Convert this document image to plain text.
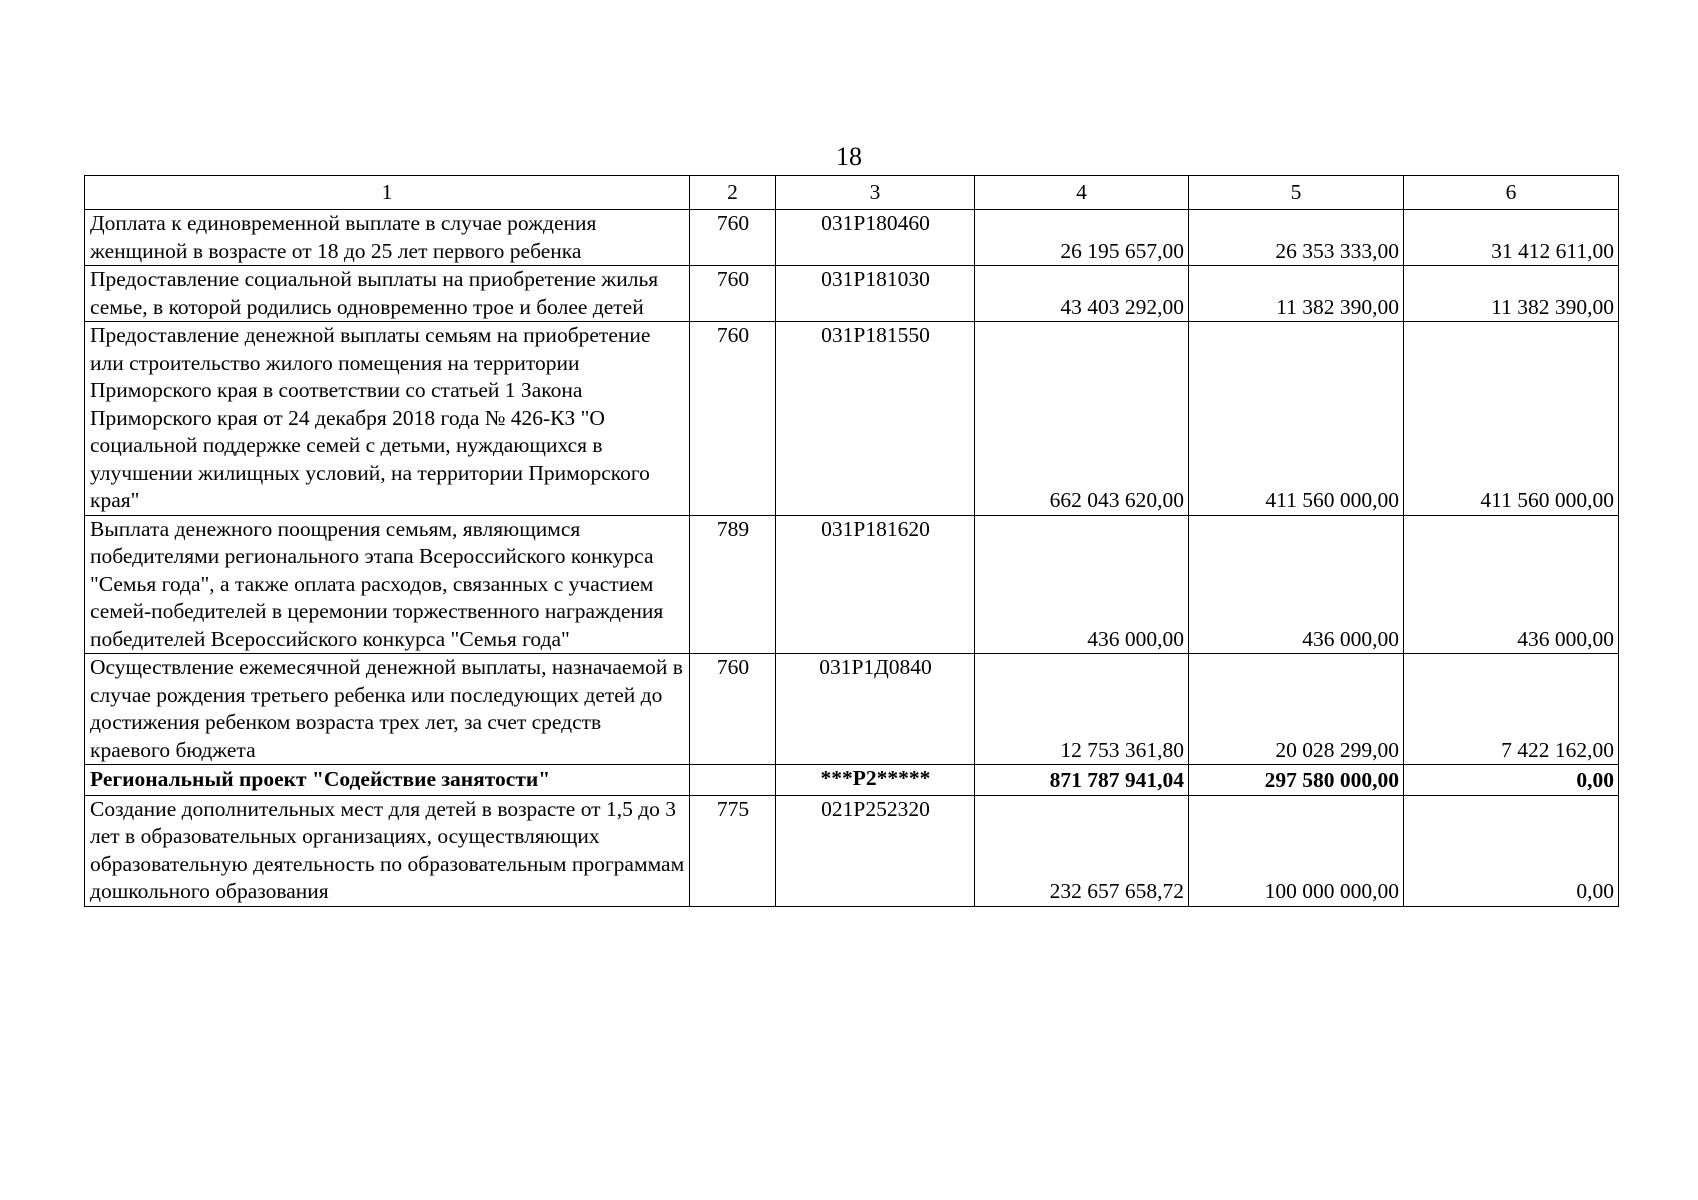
18
1	2	3	4	5	6
Доплата к единовременной выплате в случае рождения женщиной в возрасте от 18 до 25 лет первого ребенка	760	031P180460	26 195 657,00	26 353 333,00	31 412 611,00
Предоставление социальной выплаты на приобретение жилья семье, в которой родились одновременно трое и более детей	760	031P181030	43 403 292,00	11 382 390,00	11 382 390,00
Предоставление денежной выплаты семьям на приобретение или строительство жилого помещения на территории Приморского края в соответствии со статьей 1 Закона Приморского края от 24 декабря 2018 года № 426-КЗ "О социальной поддержке семей с детьми, нуждающихся в улучшении жилищных условий, на территории Приморского края"	760	031P181550	662 043 620,00	411 560 000,00	411 560 000,00
Выплата денежного поощрения семьям, являющимся победителями регионального этапа Всероссийского конкурса "Семья года", а также оплата расходов, связанных с участием семей-победителей в церемонии торжественного награждения победителей Всероссийского конкурса "Семья года"	789	031P181620	436 000,00	436 000,00	436 000,00
Осуществление ежемесячной денежной выплаты, назначаемой в случае рождения третьего ребенка или последующих детей до достижения ребенком возраста трех лет, за счет средств краевого бюджета	760	031P1Д0840	12 753 361,80	20 028 299,00	7 422 162,00
Региональный проект "Содействие занятости"		***P2*****	871 787 941,04	297 580 000,00	0,00
Создание дополнительных мест для детей в возрасте от 1,5 до 3 лет в образовательных организациях, осуществляющих образовательную деятельность по образовательным программам дошкольного образования	775	021P252320	232 657 658,72	100 000 000,00	0,00
